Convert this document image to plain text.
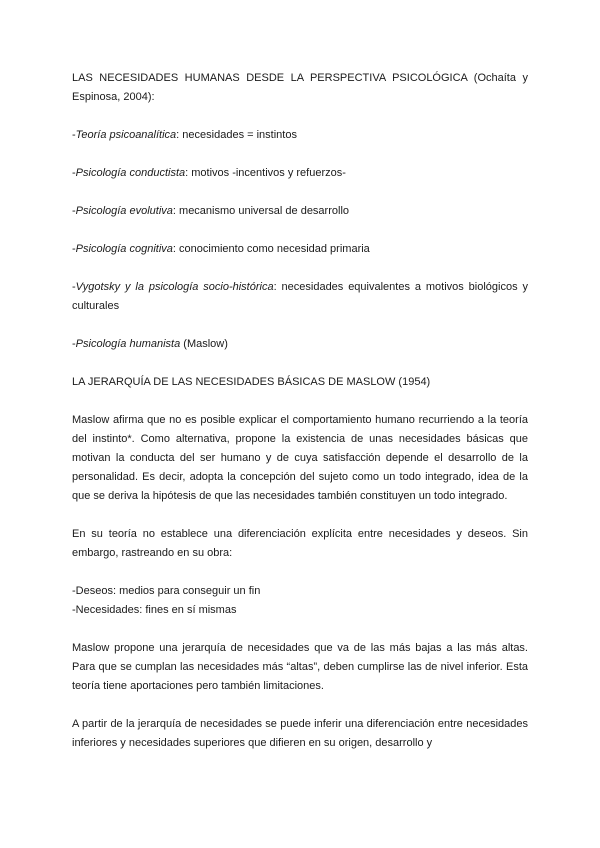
LAS NECESIDADES HUMANAS DESDE LA PERSPECTIVA PSICOLÓGICA (Ochaíta y Espinosa, 2004):

-Teoría psicoanalítica: necesidades = instintos

-Psicología conductista: motivos -incentivos y refuerzos-

-Psicología evolutiva: mecanismo universal de desarrollo

-Psicología cognitiva: conocimiento como necesidad primaria

-Vygotsky y la psicología socio-histórica: necesidades equivalentes a motivos biológicos y culturales

-Psicología humanista (Maslow)

LA JERARQUÍA DE LAS NECESIDADES BÁSICAS DE MASLOW (1954)

Maslow afirma que no es posible explicar el comportamiento humano recurriendo a la teoría del instinto*. Como alternativa, propone la existencia de unas necesidades básicas que motivan la conducta del ser humano y de cuya satisfacción depende el desarrollo de la personalidad. Es decir, adopta la concepción del sujeto como un todo integrado, idea de la que se deriva la hipótesis de que las necesidades también constituyen un todo integrado.

En su teoría no establece una diferenciación explícita entre necesidades y deseos. Sin embargo, rastreando en su obra:

-Deseos: medios para conseguir un fin

-Necesidades: fines en sí mismas

Maslow propone una jerarquía de necesidades que va de las más bajas a las más altas. Para que se cumplan las necesidades más “altas”, deben cumplirse las de nivel inferior. Esta teoría tiene aportaciones pero también limitaciones.

A partir de la jerarquía de necesidades se puede inferir una diferenciación entre necesidades inferiores y necesidades superiores que difieren en su origen, desarrollo y
